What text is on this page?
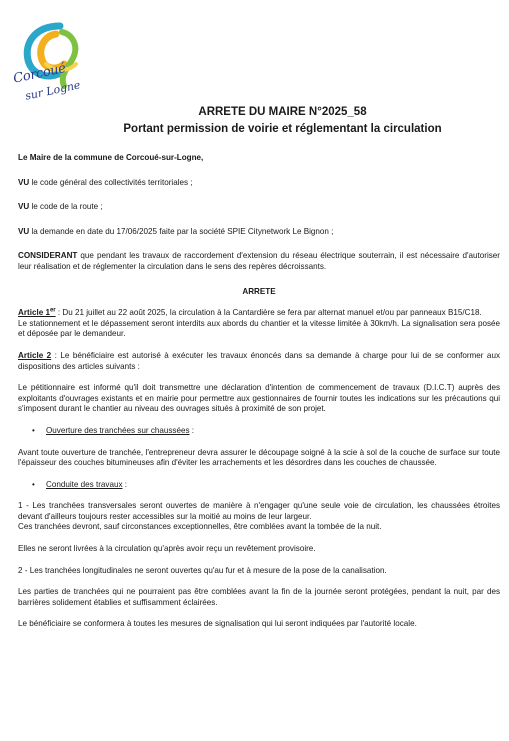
Corcoué
sur Logne
ARRETE DU MAIRE N°2025_58
Portant permission de voirie et réglementant la circulation

Le Maire de la commune de Corcoué-sur-Logne,

VU le code général des collectivités territoriales ;

VU le code de la route ;

VU la demande en date du 17/06/2025 faite par la société SPIE Citynetwork Le Bignon ;

CONSIDERANT que pendant les travaux de raccordement d'extension du réseau électrique souterrain, il est nécessaire d'autoriser leur réalisation et de réglementer la circulation dans le sens des repères décroissants.

ARRETE

Article 1er : Du 21 juillet au 22 août 2025, la circulation à la Cantardière se fera par alternat manuel et/ou par panneaux B15/C18.

Le stationnement et le dépassement seront interdits aux abords du chantier et la vitesse limitée à 30km/h. La signalisation sera posée et déposée par le demandeur.

Article 2 : Le bénéficiaire est autorisé à exécuter les travaux énoncés dans sa demande à charge pour lui de se conformer aux dispositions des articles suivants :

Le pétitionnaire est informé qu'il doit transmettre une déclaration d'intention de commencement de travaux (D.I.C.T) auprès des exploitants d'ouvrages existants et en mairie pour permettre aux gestionnaires de fournir toutes les indications sur les précautions qui s'imposent durant le chantier au niveau des ouvrages situés à proximité de son projet.

• Ouverture des tranchées sur chaussées :

Avant toute ouverture de tranchée, l'entrepreneur devra assurer le découpage soigné à la scie à sol de la couche de surface sur toute l'épaisseur des couches bitumineuses afin d'éviter les arrachements et les désordres dans les couches de chaussée.

• Conduite des travaux :

1 - Les tranchées transversales seront ouvertes de manière à n'engager qu'une seule voie de circulation, les chaussées étroites devant d'ailleurs toujours rester accessibles sur la moitié au moins de leur largeur.

Ces tranchées devront, sauf circonstances exceptionnelles, être comblées avant la tombée de la nuit.

Elles ne seront livrées à la circulation qu'après avoir reçu un revêtement provisoire.

2 - Les tranchées longitudinales ne seront ouvertes qu'au fur et à mesure de la pose de la canalisation.

Les parties de tranchées qui ne pourraient pas être comblées avant la fin de la journée seront protégées, pendant la nuit, par des barrières solidement établies et suffisamment éclairées.

Le bénéficiaire se conformera à toutes les mesures de signalisation qui lui seront indiquées par l'autorité locale.
